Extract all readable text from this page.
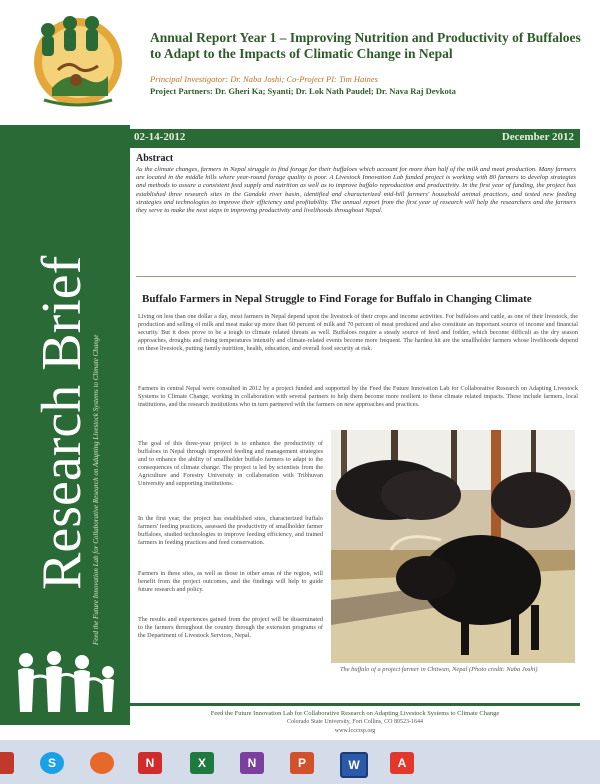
Annual Report Year 1 – Improving Nutrition and Productivity of Buffaloes to Adapt to the Impacts of Climatic Change in Nepal
Principal Investigator: Dr. Naba Joshi; Co-Project PI: Tim Haines
Project Partners: Dr. Gheri Ka; Syanti; Dr. Lok Nath Paudel; Dr. Nava Raj Devkota
Research Brief Feed the Future Innovation Lab for Collaborative Research on Adapting Livestock Systems to Climate Change
02-14-2012	December 2012
Abstract
As the climate changes, farmers in Nepal struggle to find forage for their buffaloes which account for more than half of the milk and meat production. Many farmers are located in the middle hills where year-round forage quality is poor. A Livestock Innovation Lab funded project is working with 80 farmers to develop strategies and methods to assure a consistent feed supply and nutrition as well as to improve buffalo reproduction and productivity. In the first year of funding, the project has established three research sites in the Gandaki river basin, identified and characterized mid-hill farmers' household animal practices, and tested new feeding strategies and technologies to improve their efficiency and profitability. The annual report from the first year of research will help the researchers and the farmers they serve to make the next steps in improving productivity and livelihoods throughout Nepal.
Buffalo Farmers in Nepal Struggle to Find Forage for Buffalo in Changing Climate
Living on less than one dollar a day, most farmers in Nepal depend upon the livestock of their crops and income activities. For buffaloes and cattle, as one of their livestock, the production and selling of milk and meat make up more than 60 percent of milk and 70 percent of meat produced and also constitute an important source of income and financial security. But it does prove to be a tough to climate related threats as well. Buffaloes require a steady source of feed and fodder, which become difficult as the dry season approaches, droughts and rising temperatures intensify and climate-related events become more frequent. The hardest hit are the smallholder farmers whose livelihoods depend on these livestock, putting family nutrition, health, education, and overall food security at risk.
Farmers in central Nepal were consulted in 2012 by a project funded and supported by the Feed the Future Innovation Lab for Collaborative Research on Adapting Livestock Systems to Climate Change, working in collaboration with several partners to help them become more resilient to these climate related impacts. These include farmers, local institutions, and the research institutions who in turn partnered with the farmers on new approaches and practices.
The goal of this three-year project is to enhance the productivity of buffaloes in Nepal through improved feeding and management strategies and to enhance the ability of smallholder buffalo farmers to adapt to the consequences of climate change. The project is led by scientists from the Agriculture and Forestry University in collaboration with Tribhuvan University and supporting institutions.
In the first year, the project has established sites, characterized buffalo farmers' feeding practices, assessed the productivity of smallholder farmer buffaloes, studied technologies to improve feeding efficiency, and trained farmers in feeding practices and feed conservation.
Farmers in these sites, as well as those in other areas of the region, will benefit from the project outcomes, and the findings will help to guide future research and policy.
The results and experiences gained from the project will be disseminated to the farmers throughout the country through the extension programs of the Department of Livestock Services, Nepal.
The buffalo of a project farmer in Chitwan, Nepal (Photo credit: Naba Joshi)
Feed the Future Innovation Lab for Collaborative Research on Adapting Livestock Systems to Climate Change
Colorado State University, Fort Collins, CO 80523-1644
www.lcccrsp.org
S	N	X	N	P	W	A
